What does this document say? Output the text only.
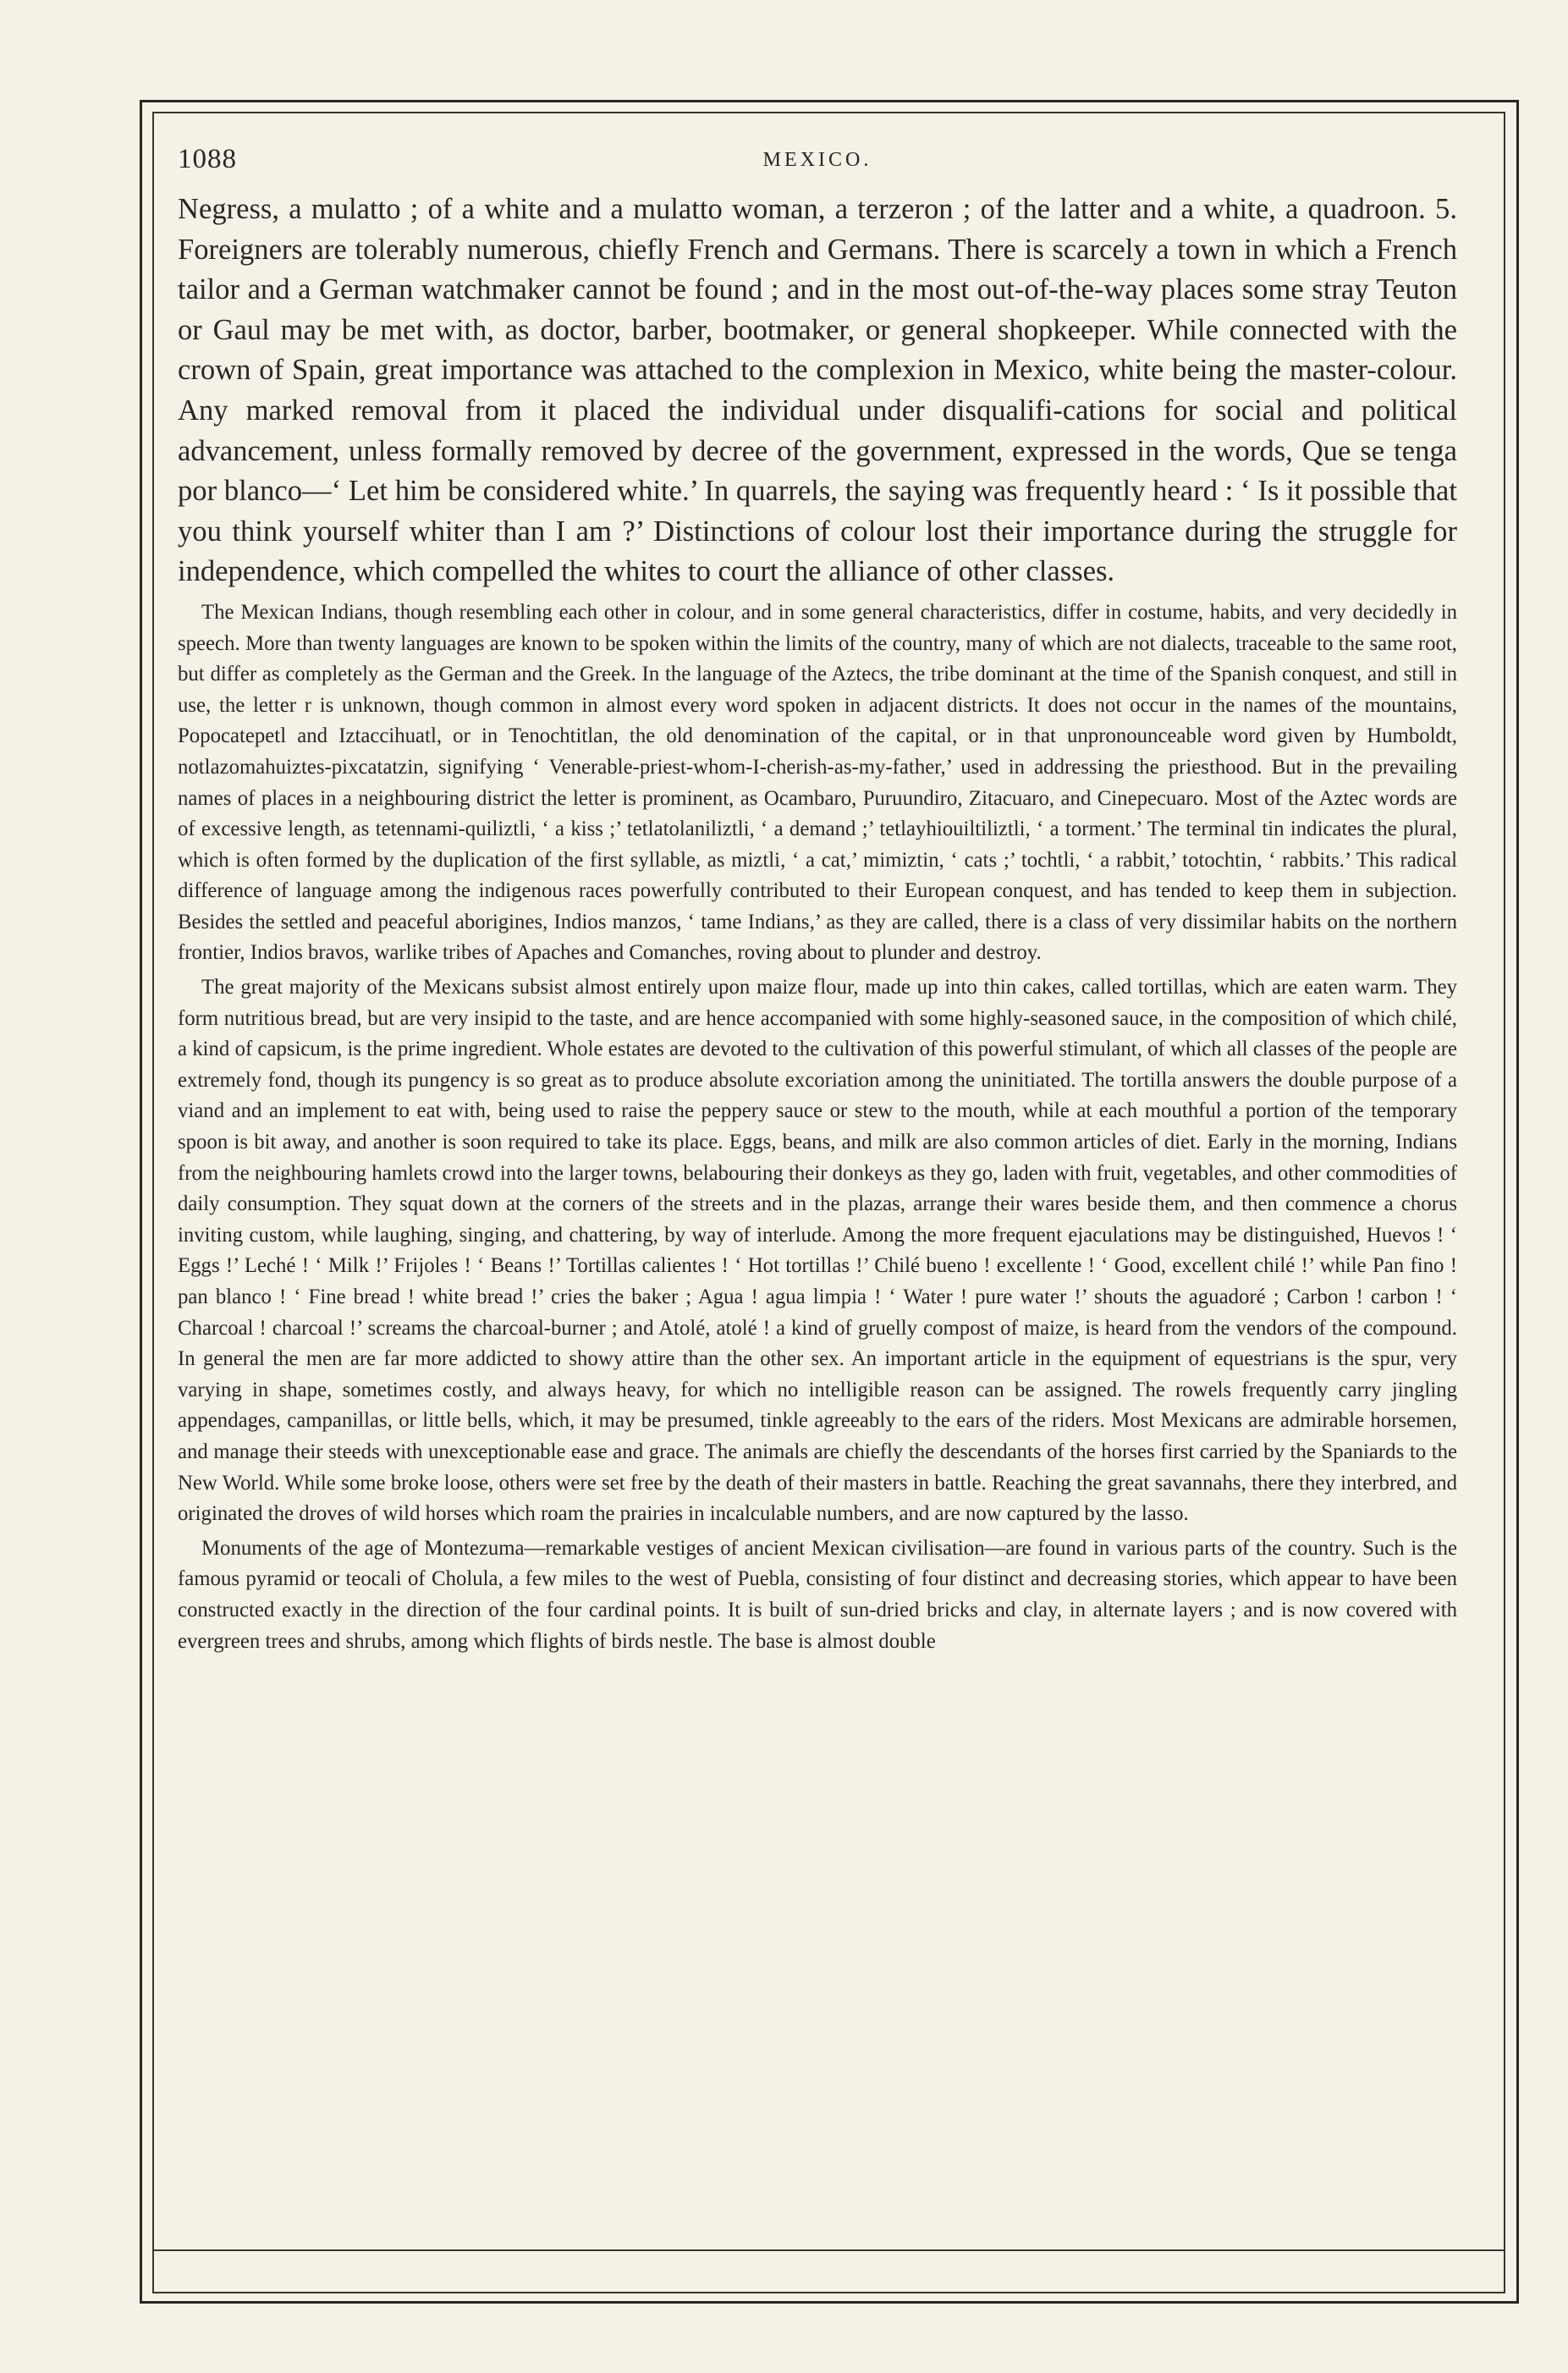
1088	MEXICO.

Negress, a mulatto ; of a white and a mulatto woman, a terzeron ; of the latter and a white, a quadroon. 5. Foreigners are tolerably numerous, chiefly French and Germans. There is scarcely a town in which a French tailor and a German watchmaker cannot be found ; and in the most out-of-the-way places some stray Teuton or Gaul may be met with, as doctor, barber, bootmaker, or general shopkeeper. While connected with the crown of Spain, great importance was attached to the complexion in Mexico, white being the master-colour. Any marked removal from it placed the individual under disqualifi-cations for social and political advancement, unless formally removed by decree of the government, expressed in the words, Que se tenga por blanco—‘ Let him be considered white.’ In quarrels, the saying was frequently heard : ‘ Is it possible that you think yourself whiter than I am ?’ Distinctions of colour lost their importance during the struggle for independence, which compelled the whites to court the alliance of other classes.

The Mexican Indians, though resembling each other in colour, and in some general characteristics, differ in costume, habits, and very decidedly in speech. More than twenty languages are known to be spoken within the limits of the country, many of which are not dialects, traceable to the same root, but differ as completely as the German and the Greek. In the language of the Aztecs, the tribe dominant at the time of the Spanish conquest, and still in use, the letter r is unknown, though common in almost every word spoken in adjacent districts. It does not occur in the names of the mountains, Popocatepetl and Iztaccihuatl, or in Tenochtitlan, the old denomination of the capital, or in that unpronounceable word given by Humboldt, notlazomahuiztes-pixcatatzin, signifying ‘ Venerable-priest-whom-I-cherish-as-my-father,’ used in addressing the priesthood. But in the prevailing names of places in a neighbouring district the letter is prominent, as Ocambaro, Puruundiro, Zitacuaro, and Cinepecuaro. Most of the Aztec words are of excessive length, as tetennami-quiliztli, ‘ a kiss ;’ tetlatolaniliztli, ‘ a demand ;’ tetlayhiouiltiliztli, ‘ a torment.’ The terminal tin indicates the plural, which is often formed by the duplication of the first syllable, as miztli, ‘ a cat,’ mimiztin, ‘ cats ;’ tochtli, ‘ a rabbit,’ totochtin, ‘ rabbits.’ This radical difference of language among the indigenous races powerfully contributed to their European conquest, and has tended to keep them in subjection. Besides the settled and peaceful aborigines, Indios manzos, ‘ tame Indians,’ as they are called, there is a class of very dissimilar habits on the northern frontier, Indios bravos, warlike tribes of Apaches and Comanches, roving about to plunder and destroy.

The great majority of the Mexicans subsist almost entirely upon maize flour, made up into thin cakes, called tortillas, which are eaten warm. They form nutritious bread, but are very insipid to the taste, and are hence accompanied with some highly-seasoned sauce, in the composition of which chilé, a kind of capsicum, is the prime ingredient. Whole estates are devoted to the cultivation of this powerful stimulant, of which all classes of the people are extremely fond, though its pungency is so great as to produce absolute excoriation among the uninitiated. The tortilla answers the double purpose of a viand and an implement to eat with, being used to raise the peppery sauce or stew to the mouth, while at each mouthful a portion of the temporary spoon is bit away, and another is soon required to take its place. Eggs, beans, and milk are also common articles of diet. Early in the morning, Indians from the neighbouring hamlets crowd into the larger towns, belabouring their donkeys as they go, laden with fruit, vegetables, and other commodities of daily consumption. They squat down at the corners of the streets and in the plazas, arrange their wares beside them, and then commence a chorus inviting custom, while laughing, singing, and chattering, by way of interlude. Among the more frequent ejaculations may be distinguished, Huevos ! ‘ Eggs !’ Leché ! ‘ Milk !’ Frijoles ! ‘ Beans !’ Tortillas calientes ! ‘ Hot tortillas !’ Chilé bueno ! excellente ! ‘ Good, excellent chilé !’ while Pan fino ! pan blanco ! ‘ Fine bread ! white bread !’ cries the baker ; Agua ! agua limpia ! ‘ Water ! pure water !’ shouts the aguadoré ; Carbon ! carbon ! ‘ Charcoal ! charcoal !’ screams the charcoal-burner ; and Atolé, atolé ! a kind of gruelly compost of maize, is heard from the vendors of the compound. In general the men are far more addicted to showy attire than the other sex. An important article in the equipment of equestrians is the spur, very varying in shape, sometimes costly, and always heavy, for which no intelligible reason can be assigned. The rowels frequently carry jingling appendages, campanillas, or little bells, which, it may be presumed, tinkle agreeably to the ears of the riders. Most Mexicans are admirable horsemen, and manage their steeds with unexceptionable ease and grace. The animals are chiefly the descendants of the horses first carried by the Spaniards to the New World. While some broke loose, others were set free by the death of their masters in battle. Reaching the great savannahs, there they interbred, and originated the droves of wild horses which roam the prairies in incalculable numbers, and are now captured by the lasso.

Monuments of the age of Montezuma—remarkable vestiges of ancient Mexican civilisation—are found in various parts of the country. Such is the famous pyramid or teocali of Cholula, a few miles to the west of Puebla, consisting of four distinct and decreasing stories, which appear to have been constructed exactly in the direction of the four cardinal points. It is built of sun-dried bricks and clay, in alternate layers ; and is now covered with evergreen trees and shrubs, among which flights of birds nestle. The base is almost double
